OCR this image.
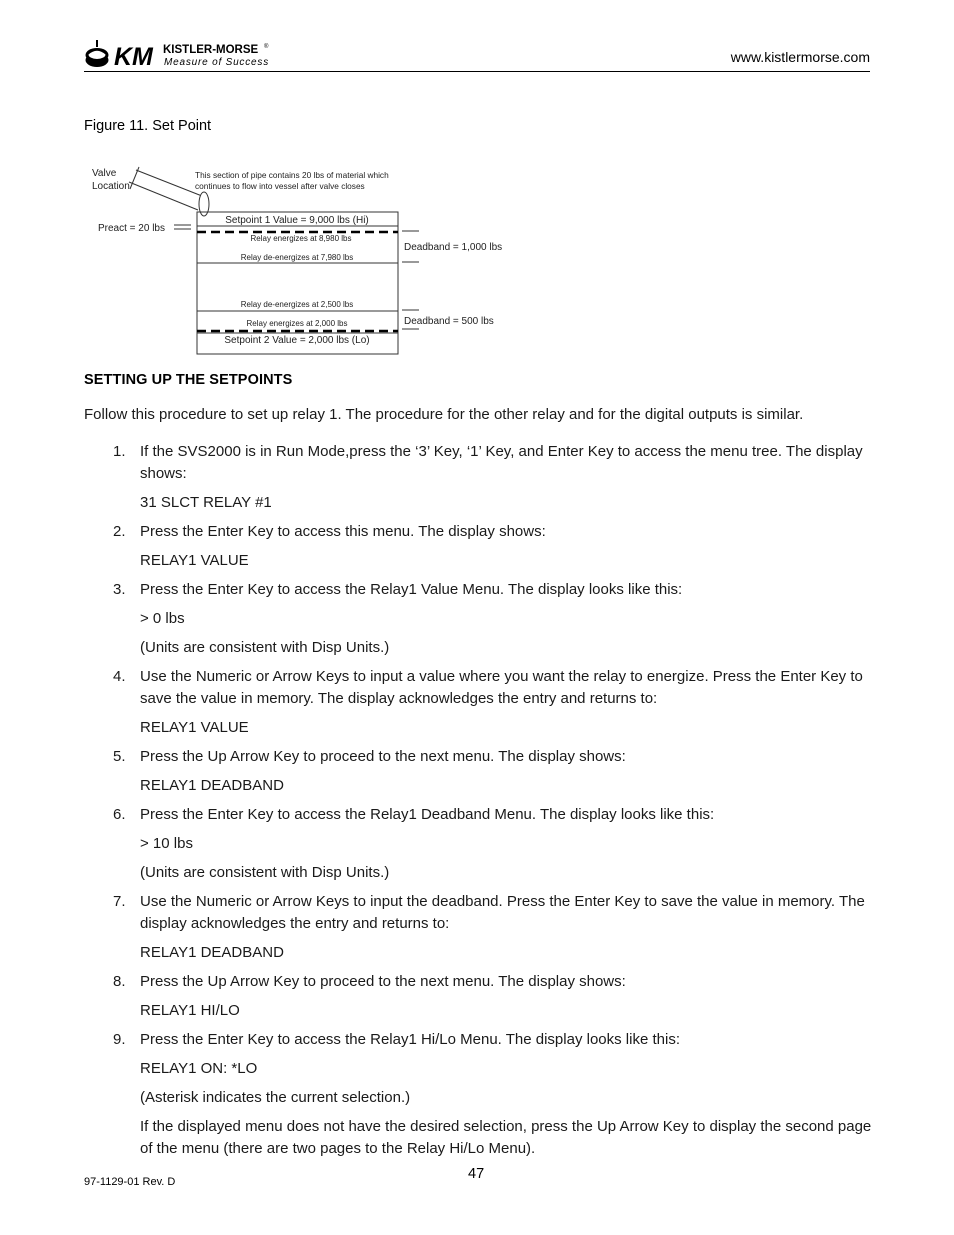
KM KISTLER-MORSE ®
Measure of Success	www.kistlermorse.com
Figure 11. Set Point
Valve
Location
This section of pipe contains 20 lbs of material which
continues to flow into vessel after valve closes
Preact = 20 lbs
Setpoint 1 Value = 9,000 lbs (Hi)
Relay energizes at 8,980 lbs
Relay de-energizes at 7,980 lbs
Relay de-energizes at 2,500 lbs
Relay energizes at 2,000 lbs
Setpoint 2 Value = 2,000 lbs (Lo)
Deadband = 1,000 lbs
Deadband = 500 lbs
SETTING UP THE SETPOINTS
Follow this procedure to set up relay 1. The procedure for the other relay and for the digital outputs is similar.
1. If the SVS2000 is in Run Mode,press the ‘3’ Key, ‘1’ Key, and Enter Key to access the menu tree. The display shows:

31 SLCT RELAY #1

2. Press the Enter Key to access this menu. The display shows:

RELAY1 VALUE

3. Press the Enter Key to access the Relay1 Value Menu. The display looks like this:

> 0 lbs

(Units are consistent with Disp Units.)

4. Use the Numeric or Arrow Keys to input a value where you want the relay to energize. Press the Enter Key to save the value in memory. The display acknowledges the entry and returns to:

RELAY1 VALUE

5. Press the Up Arrow Key to proceed to the next menu. The display shows:

RELAY1 DEADBAND

6. Press the Enter Key to access the Relay1 Deadband Menu. The display looks like this:

> 10 lbs

(Units are consistent with Disp Units.)

7. Use the Numeric or Arrow Keys to input the deadband. Press the Enter Key to save the value in memory. The display acknowledges the entry and returns to:

RELAY1 DEADBAND

8. Press the Up Arrow Key to proceed to the next menu. The display shows:

RELAY1 HI/LO

9. Press the Enter Key to access the Relay1 Hi/Lo Menu. The display looks like this:

RELAY1 ON: *LO

(Asterisk indicates the current selection.)

If the displayed menu does not have the desired selection, press the Up Arrow Key to display the second page of the menu (there are two pages to the Relay Hi/Lo Menu).

97-1129-01 Rev. D	47
